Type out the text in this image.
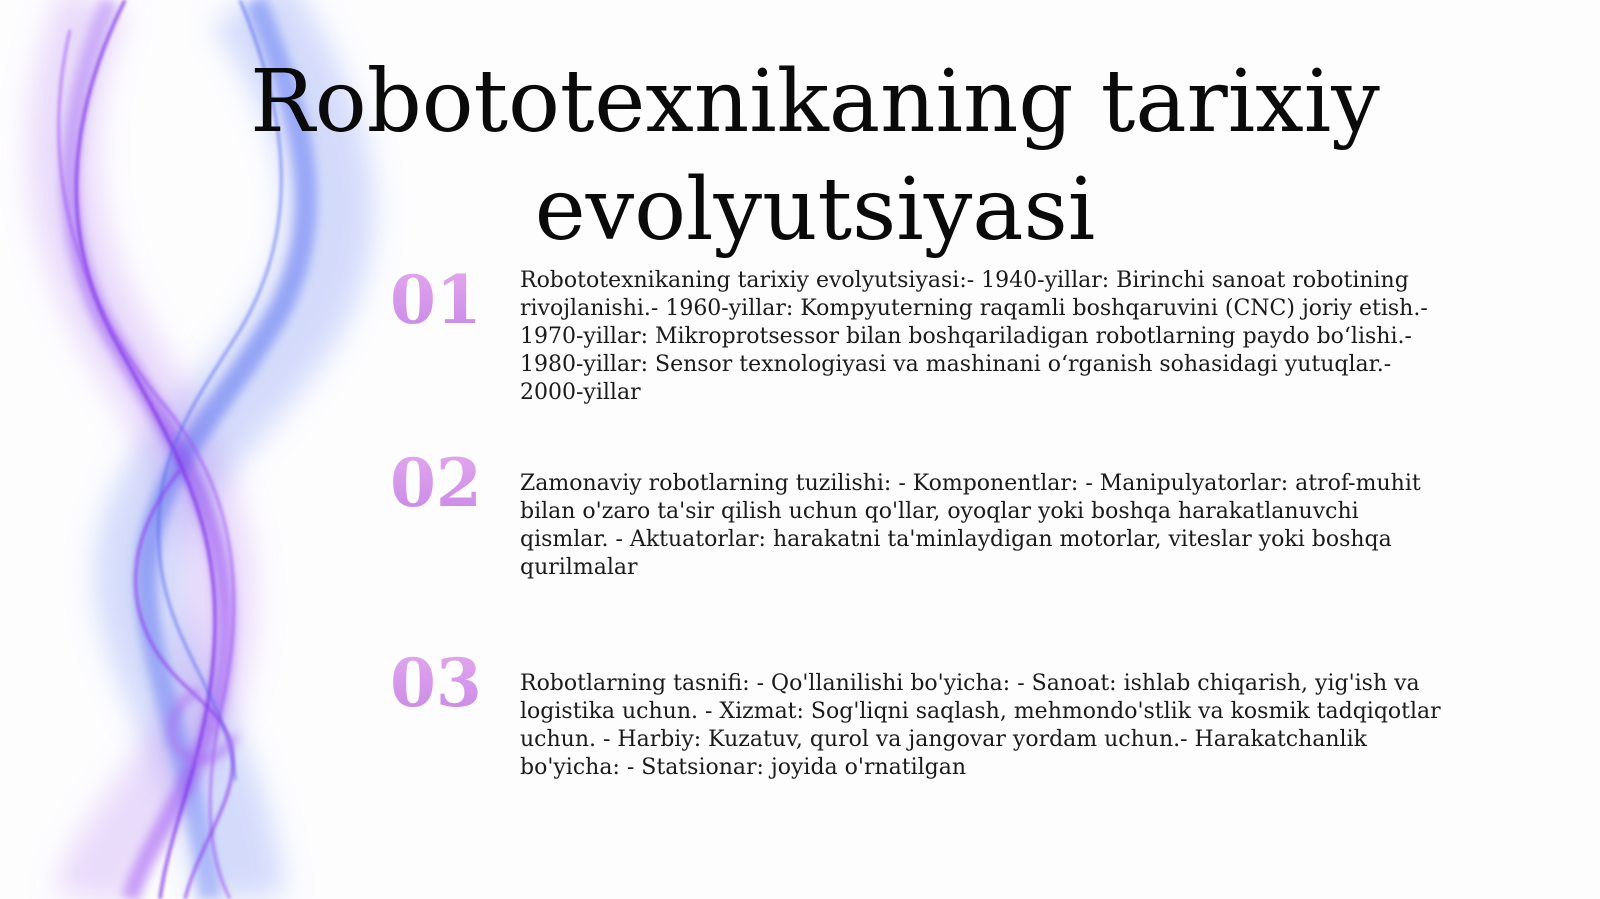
Robototexnikaning tarixiy evolyutsiyasi
01	Robototexnikaning tarixiy evolyutsiyasi:- 1940-yillar: Birinchi sanoat robotining rivojlanishi.- 1960-yillar: Kompyuterning raqamli boshqaruvini (CNC) joriy etish.- 1970-yillar: Mikroprotsessor bilan boshqariladigan robotlarning paydo bo‘lishi.- 1980-yillar: Sensor texnologiyasi va mashinani o‘rganish sohasidagi yutuqlar.- 2000-yillar

02	Zamonaviy robotlarning tuzilishi: - Komponentlar: - Manipulyatorlar: atrof-muhit bilan o'zaro ta'sir qilish uchun qo'llar, oyoqlar yoki boshqa harakatlanuvchi qismlar. - Aktuatorlar: harakatni ta'minlaydigan motorlar, viteslar yoki boshqa qurilmalar

03	Robotlarning tasnifi: - Qo'llanilishi bo'yicha: - Sanoat: ishlab chiqarish, yig'ish va logistika uchun. - Xizmat: Sog'liqni saqlash, mehmondo'stlik va kosmik tadqiqotlar uchun. - Harbiy: Kuzatuv, qurol va jangovar yordam uchun.- Harakatchanlik bo'yicha: - Statsionar: joyida o'rnatilgan
